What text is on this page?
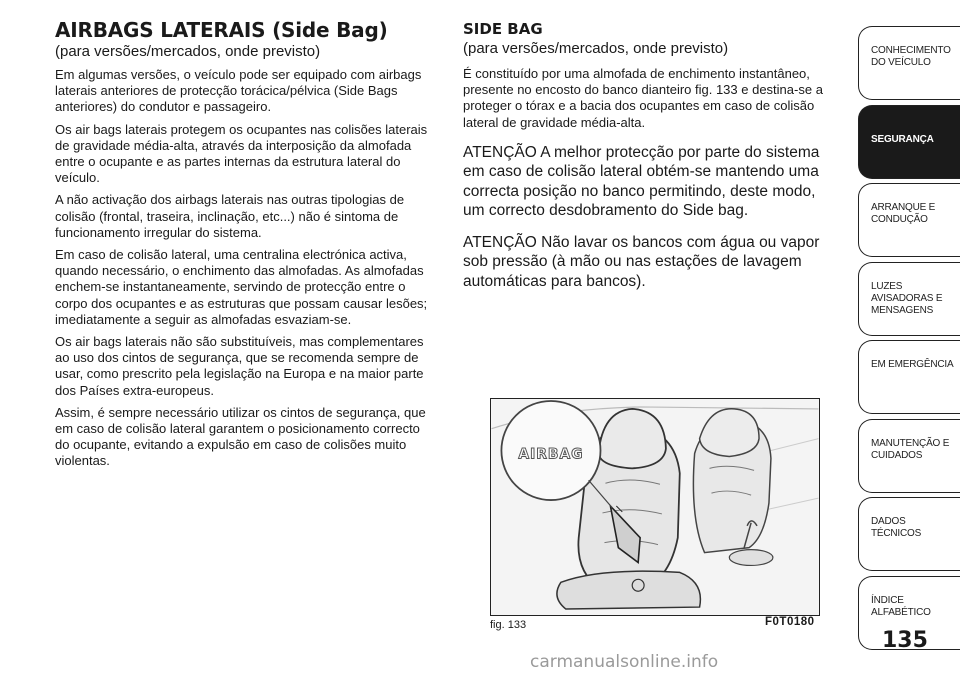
AIRBAGS LATERAIS (Side Bag)

(para versões/mercados, onde previsto)

Em algumas versões, o veículo pode ser equipado com airbags laterais anteriores de protecção torácica/pélvica (Side Bags anteriores) do condutor e passageiro.

Os air bags laterais protegem os ocupantes nas colisões laterais de gravidade média-alta, através da interposição da almofada entre o ocupante e as partes internas da estrutura lateral do veículo.

A não activação dos airbags laterais nas outras tipologias de colisão (frontal, traseira, inclinação, etc...) não é sintoma de funcionamento irregular do sistema.

Em caso de colisão lateral, uma centralina electrónica activa, quando necessário, o enchimento das almofadas. As almofadas enchem-se instantaneamente, servindo de protecção entre o corpo dos ocupantes e as estruturas que possam causar lesões; imediatamente a seguir as almofadas esvaziam-se.

Os air bags laterais não são substituíveis, mas complementares ao uso dos cintos de segurança, que se recomenda sempre de usar, como prescrito pela legislação na Europa e na maior parte dos Países extra-europeus.

Assim, é sempre necessário utilizar os cintos de segurança, que em caso de colisão lateral garantem o posicionamento correcto do ocupante, evitando a expulsão em caso de colisões muito violentas.

SIDE BAG

(para versões/mercados, onde previsto)

É constituído por uma almofada de enchimento instantâneo, presente no encosto do banco dianteiro fig. 133 e destina-se a proteger o tórax e a bacia dos ocupantes em caso de colisão lateral de gravidade média-alta.

ATENÇÃO A melhor protecção por parte do sistema em caso de colisão lateral obtém-se mantendo uma correcta posição no banco permitindo, deste modo, um correcto desdobramento do Side bag.

ATENÇÃO Não lavar os bancos com água ou vapor sob pressão (à mão ou nas estações de lavagem automáticas para bancos).

AIRBAG
fig. 133	F0T0180
CONHECIMENTO DO VEÍCULO
SEGURANÇA
ARRANQUE E CONDUÇÃO
LUZES AVISADORAS E MENSAGENS
EM EMERGÊNCIA
MANUTENÇÃO E CUIDADOS
DADOS TÉCNICOS
ÍNDICE ALFABÉTICO
135
carmanualsonline.info
